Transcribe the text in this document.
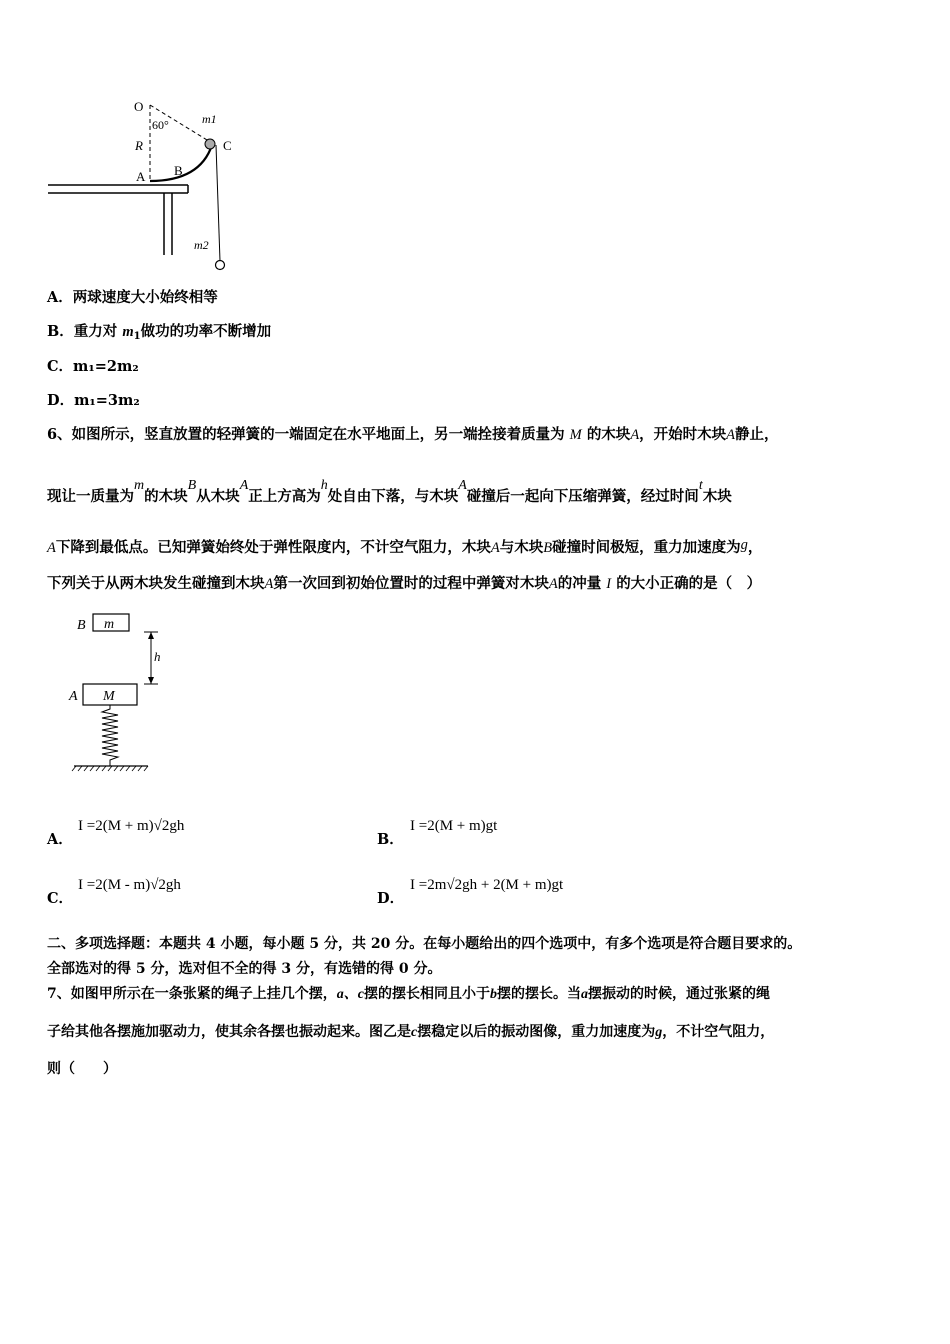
O
60°	m1
C
R
B
A
m2
A．两球速度大小始终相等
B．重力对 $m_1$做功的功率不断增加
C．m₁=2m₂
D．m₁=3m₂
6、如图所示，竖直放置的轻弹簧的一端固定在水平地面上，另一端拴接着质量为 M 的木块A，开始时木块A静止，
现让一质量为m的木块B从木块A正上方高为h处自由下落，与木块A碰撞后一起向下压缩弹簧，经过时间t木块
A下降到最低点。已知弹簧始终处于弹性限度内，不计空气阻力，木块A与木块B碰撞时间极短，重力加速度为g，
下列关于从两木块发生碰撞到木块A第一次回到初始位置时的过程中弹簧对木块A的冲量 I 的大小正确的是（　）
B m
h
A M
A．
I =2(M + m)√2gh
B．
I =2(M + m)gt
C．
I =2(M - m)√2gh
D．
I =2m√2gh + 2(M + m)gt
二、多项选择题：本题共 4 小题，每小题 5 分，共 20 分。在每小题给出的四个选项中，有多个选项是符合题目要求的。
全部选对的得 5 分，选对但不全的得 3 分，有选错的得 0 分。
7、如图甲所示在一条张紧的绳子上挂几个摆，a、c摆的摆长相同且小于b摆的摆长。当a摆振动的时候，通过张紧的绳
子给其他各摆施加驱动力，使其余各摆也振动起来。图乙是c摆稳定以后的振动图像，重力加速度为g，不计空气阻力，
则（　　）
